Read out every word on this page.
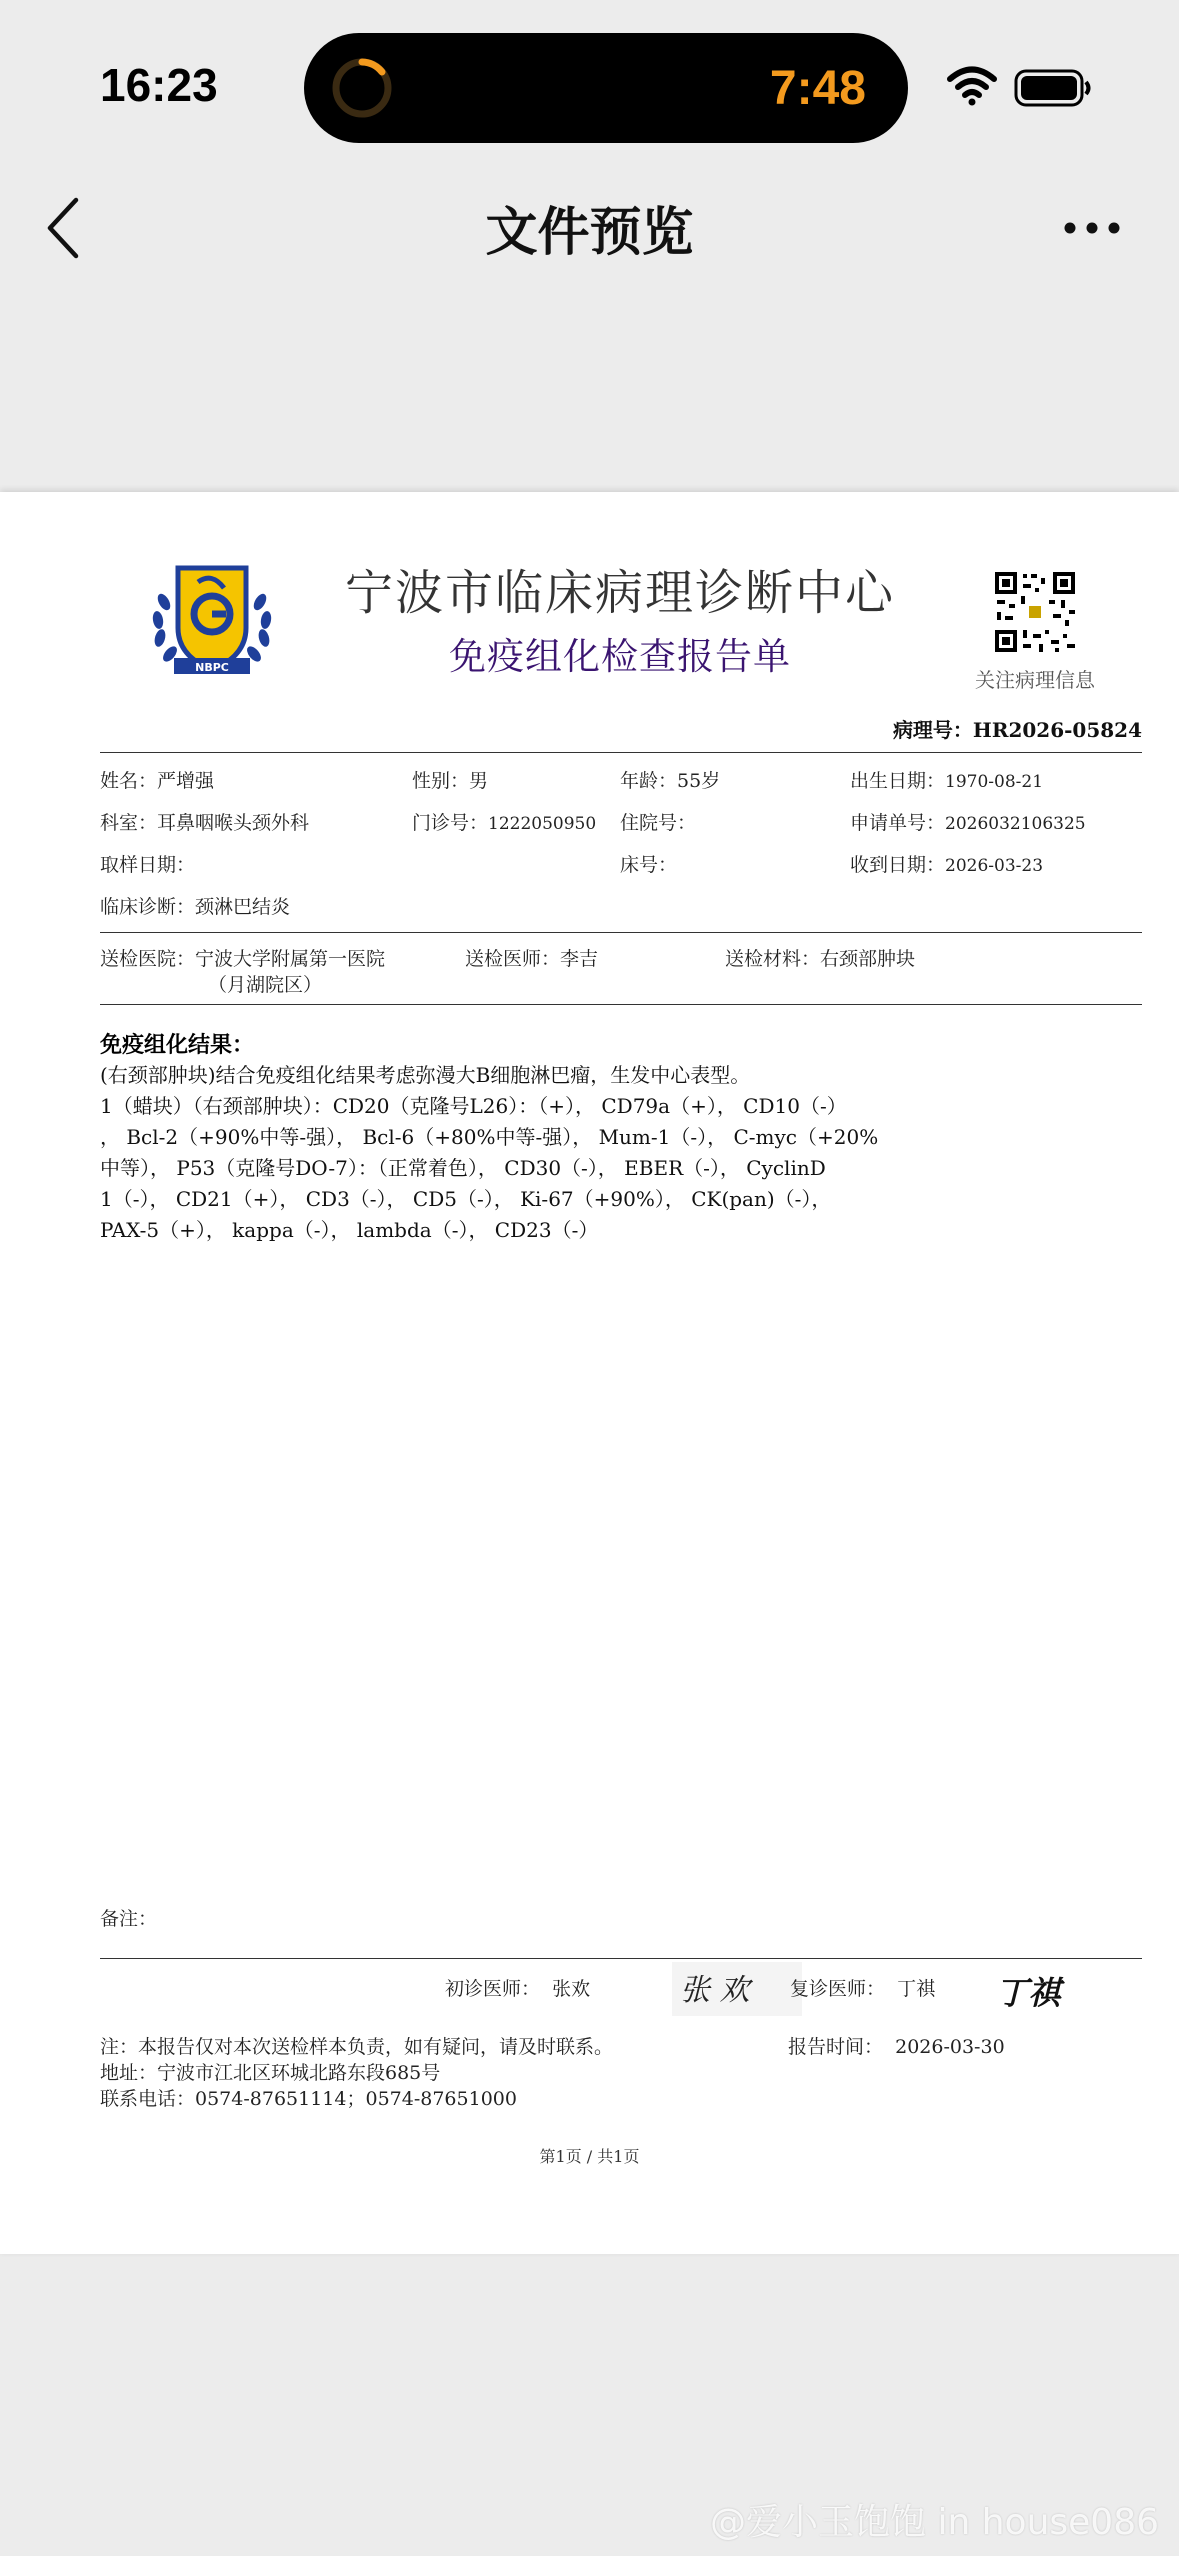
16:23	7:48
文件预览
NBPC
宁波市临床病理诊断中心
免疫组化检查报告单
关注病理信息
病理号：HR2026-05824
姓名：严增强	性别：男	年龄：55岁	出生日期：1970-08-21
科室：耳鼻咽喉头颈外科	门诊号：1222050950 住院号：	申请单号：2026032106325
取样日期：	床号：	收到日期：2026-03-23
临床诊断：颈淋巴结炎
送检医院：宁波大学附属第一医院
（月湖院区）
送检医师：李吉	送检材料：右颈部肿块
免疫组化结果：
(右颈部肿块)结合免疫组化结果考虑弥漫大B细胞淋巴瘤，生发中心表型。
1（蜡块）（右颈部肿块）：CD20（克隆号L26）：（+）， CD79a（+）， CD10（-）
， Bcl-2（+90%中等-强）， Bcl-6（+80%中等-强）， Mum-1（-）， C-myc（+20%
中等）， P53（克隆号DO-7）：（正常着色）， CD30（-）， EBER（-）， CyclinD
1（-）， CD21（+）， CD3（-）， CD5（-）， Ki-67（+90%）， CK(pan)（-），
PAX-5（+）， kappa（-）， lambda（-）， CD23（-）
备注：
初诊医师： 张欢	张 欢 复诊医师： 丁祺 丁祺
注：本报告仅对本次送检样本负责，如有疑问，请及时联系。	报告时间： 2026-03-30
地址：宁波市江北区环城北路东段685号
联系电话：0574-87651114；0574-87651000
第1页 / 共1页
@爱小玉饱饱 in house086
